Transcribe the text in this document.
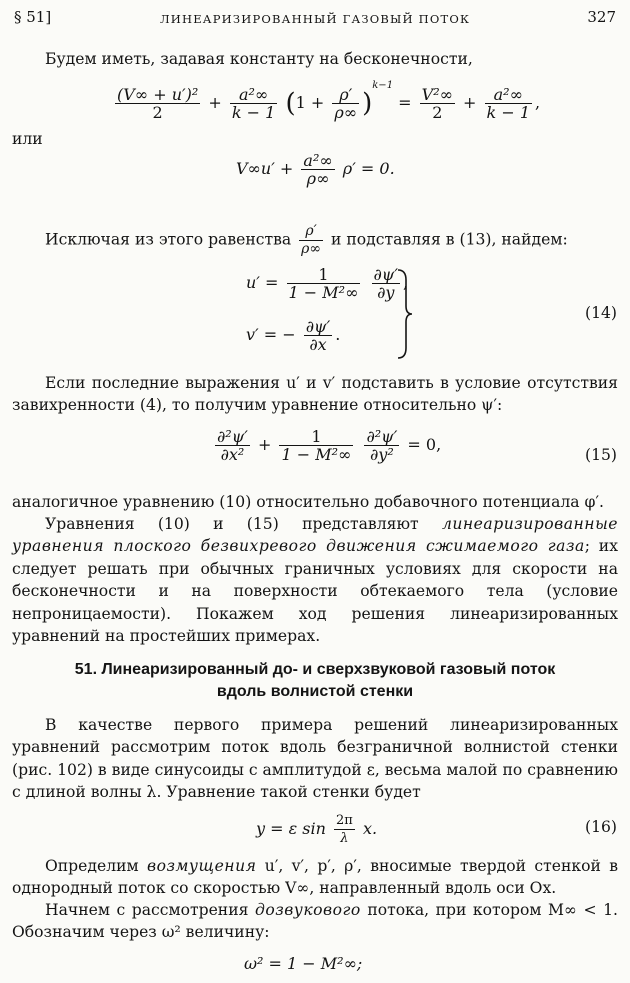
§ 51]	ЛИНЕАРИЗИРОВАННЫЙ ГАЗОВЫЙ ПОТОК	327
Будем иметь, задавая константу на бесконечности,
$\frac{\text{(V∞ + u′)²}}{2} + \frac{\text{a²∞}}{k - 1} (1 + \frac{\rho'}{\rho\infty} )^{k-1} = \frac{\text{V²∞}}{2} + \frac{\text{a²∞}}{k - 1}$ ,
или
$V\infty u' + \frac{\text{a²∞}}{\rho\infty} \rho' = 0$.
Исключая из этого равенства $\frac{\rho'}{\rho\infty}$ и подставляя в (13), найдем:
$u' = \frac{1}{\text{1 − M²∞}}$
$\frac{\partial\psi'}{\partial y}$ ,
v′ = − $\frac{\partial\psi'}{\partial x}$ .
(14)
Если последние выражения u′ и v′ подставить в условие отсутствия завихренности (4), то получим уравнение относительно ψ′:
$\frac{\text{∂²ψ′}}{\text{∂x²}} + \frac{1}{\text{1 − M²∞}}$
$\frac{\text{∂²ψ′}}{\text{∂y²}} = 0$,
(15)
аналогичное уравнению (10) относительно добавочного потенциала φ′.
Уравнения (10) и (15) представляют линеаризированные уравнения плоского безвихревого движения сжимаемого газа; их следует решать при обычных граничных условиях для скорости на бесконечности и на поверхности обтекаемого тела (условие непроницаемости). Покажем ход решения линеаризированных уравнений на простейших примерах.
51. Линеаризированный до- и сверхзвуковой газовый поток
вдоль волнистой стенки
В качестве первого примера решений линеаризированных уравнений рассмотрим поток вдоль безграничной волнистой стенки (рис. 102) в виде синусоиды с амплитудой ε, весьма малой по сравнению с длиной волны λ. Уравнение такой стенки будет
y = ε $\sin \frac{2\pi}{\lambda} x$.	(16)
Определим возмущения u′, v′, p′, ρ′, вносимые твердой стенкой в однородный поток со скоростью V∞, направленный вдоль оси Ox.
Начнем с рассмотрения дозвукового потока, при котором M∞ < 1. Обозначим через ω² величину:
ω² = 1 − M²∞;
